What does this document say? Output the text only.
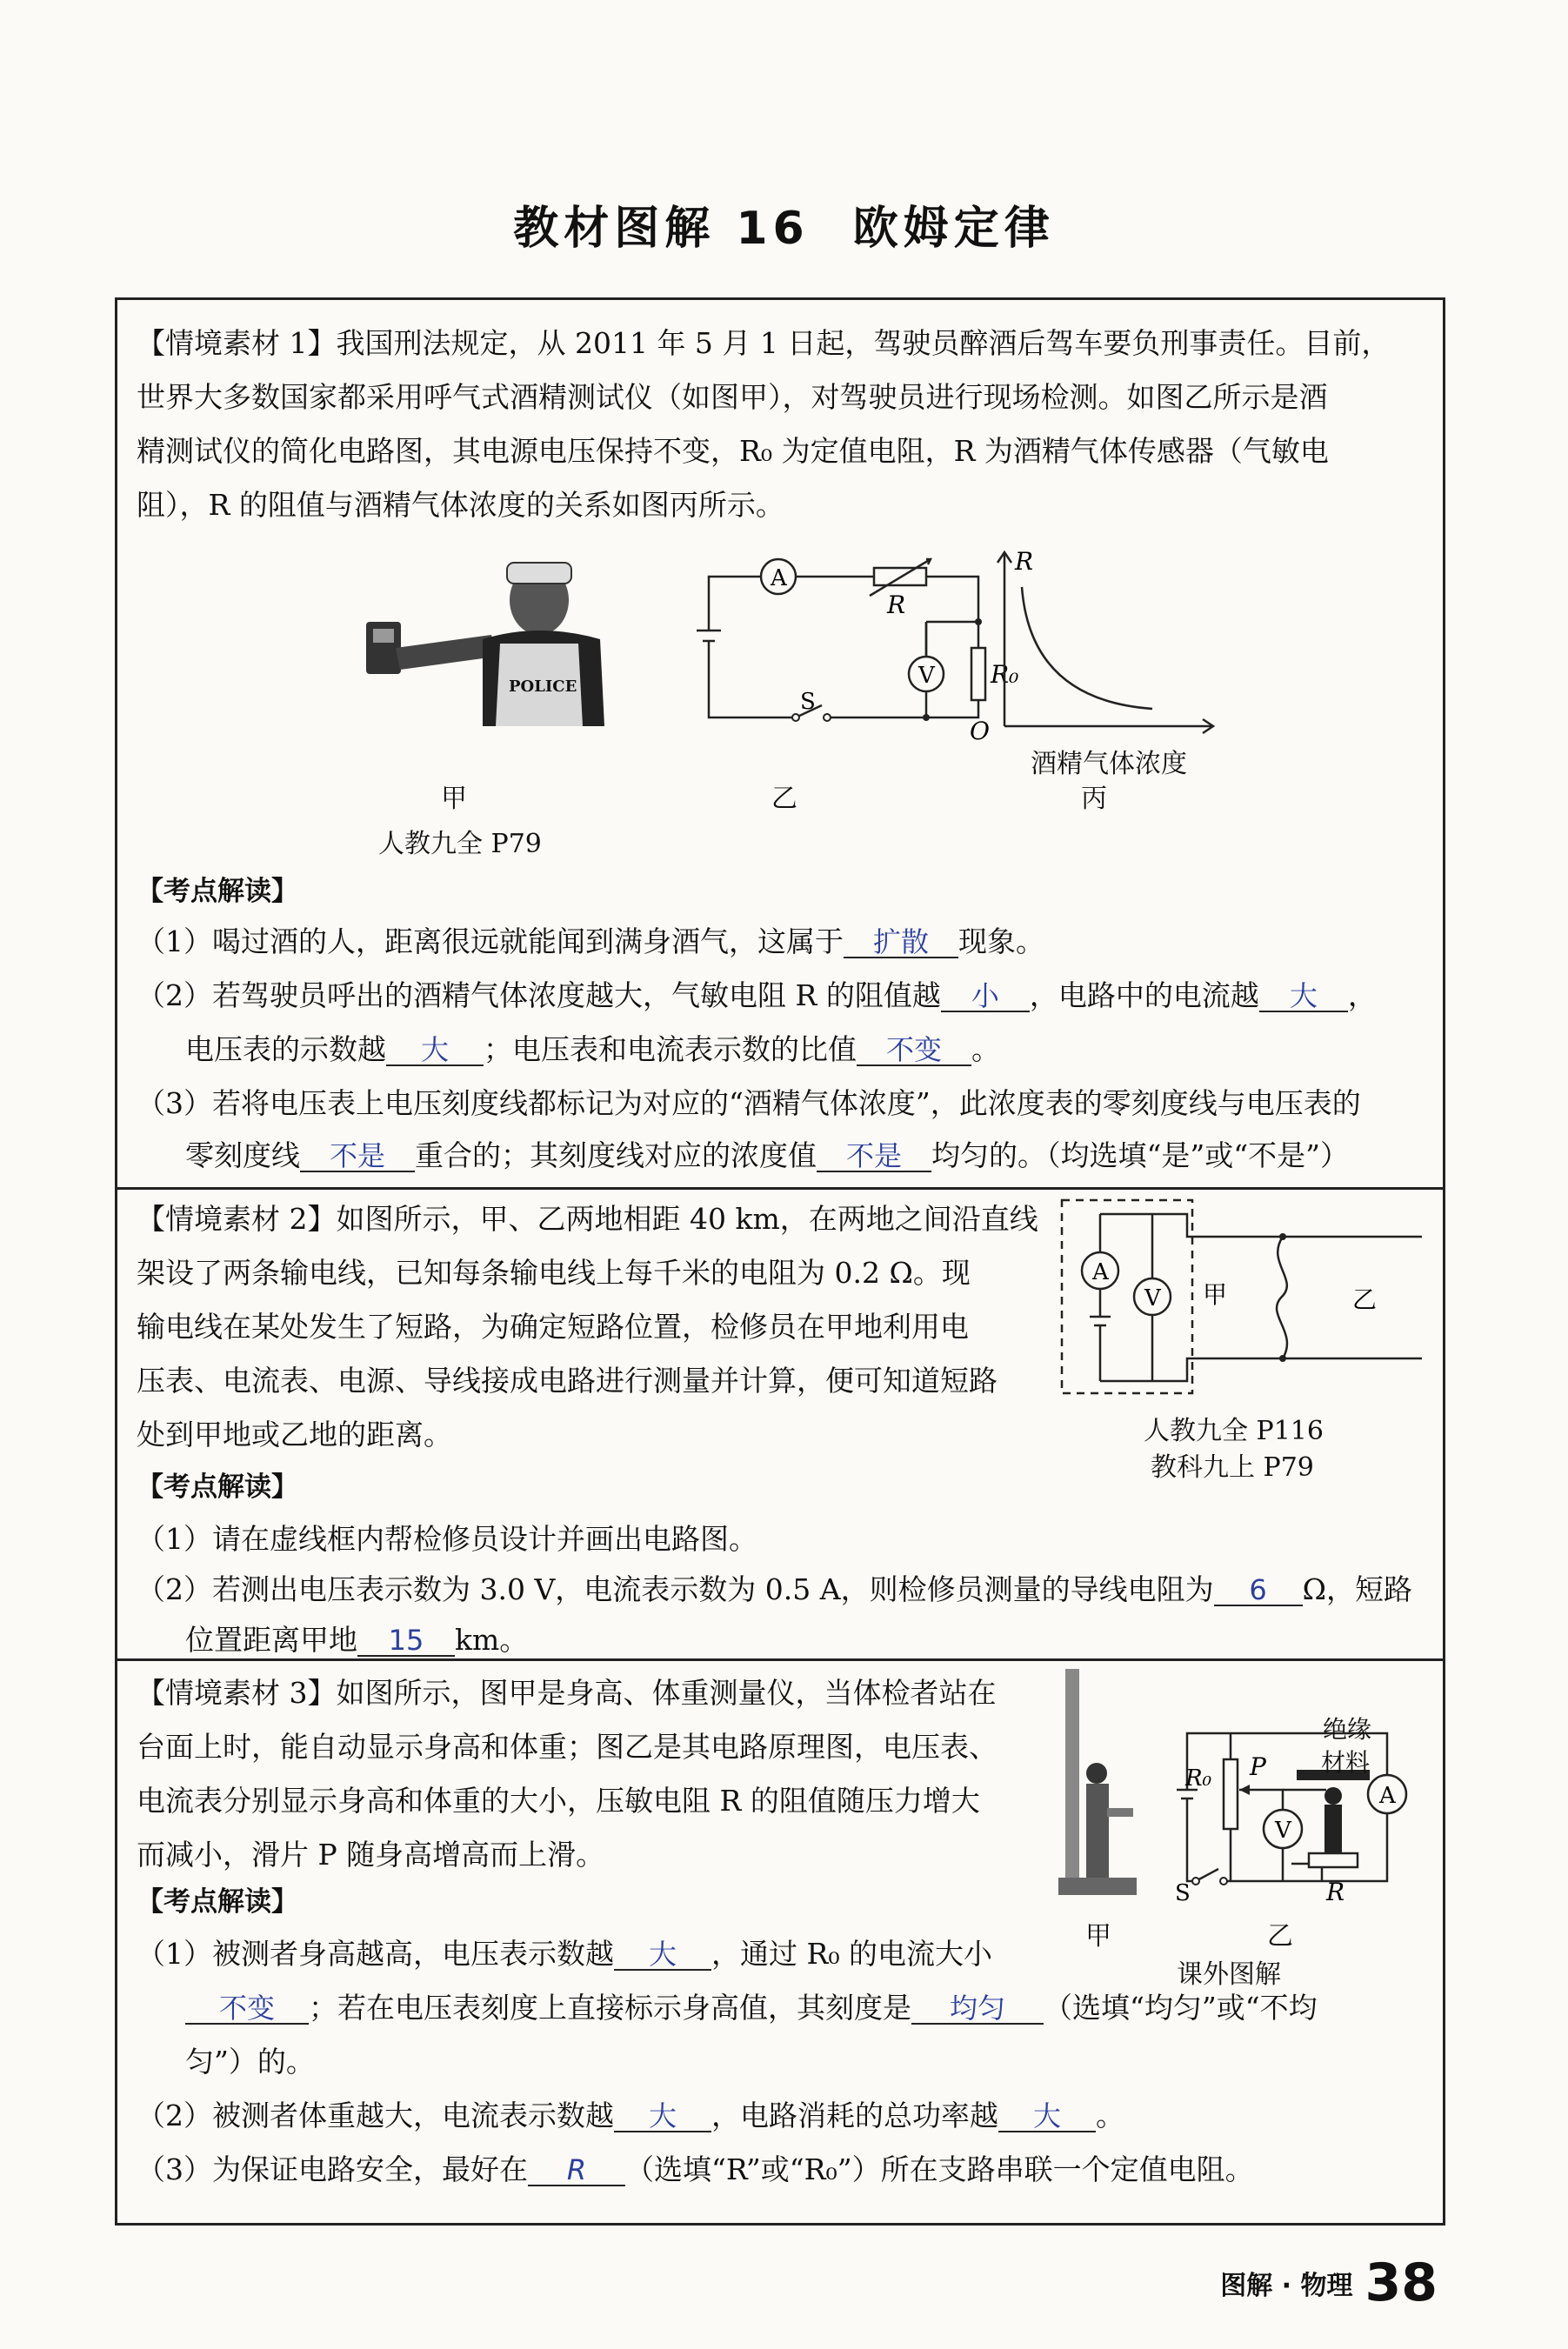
教材图解 16 欧姆定律
【情境素材 1】我国刑法规定，从 2011 年 5 月 1 日起，驾驶员醉酒后驾车要负刑事责任。目前，
世界大多数国家都采用呼气式酒精测试仪（如图甲），对驾驶员进行现场检测。如图乙所示是酒
精测试仪的简化电路图，其电源电压保持不变，R₀ 为定值电阻，R 为酒精气体传感器（气敏电
阻），R 的阻值与酒精气体浓度的关系如图丙所示。
POLICE
A
V
R
R₀
S
R
O
酒精气体浓度
甲	乙	丙
人教九全 P79
【考点解读】
（1）喝过酒的人，距离很远就能闻到满身酒气，这属于 扩散 现象。
（2）若驾驶员呼出的酒精气体浓度越大，气敏电阻 R 的阻值越 小 ，电路中的电流越 大 ，
电压表的示数越 大 ；电压表和电流表示数的比值 不变 。
（3）若将电压表上电压刻度线都标记为对应的“酒精气体浓度”，此浓度表的零刻度线与电压表的
零刻度线 不是 重合的；其刻度线对应的浓度值 不是 均匀的。（均选填“是”或“不是”）
【情境素材 2】如图所示，甲、乙两地相距 40 km，在两地之间沿直线
架设了两条输电线，已知每条输电线上每千米的电阻为 0.2 Ω。现
输电线在某处发生了短路，为确定短路位置，检修员在甲地利用电
压表、电流表、电源、导线接成电路进行测量并计算，便可知道短路
处到甲地或乙地的距离。
A
V 甲	乙
人教九全 P116
教科九上 P79
【考点解读】
（1）请在虚线框内帮检修员设计并画出电路图。
（2）若测出电压表示数为 3.0 V，电流表示数为 0.5 A，则检修员测量的导线电阻为 6 Ω，短路
位置距离甲地 15 km。
【情境素材 3】如图所示，图甲是身高、体重测量仪，当体检者站在
台面上时，能自动显示身高和体重；图乙是其电路原理图，电压表、
电流表分别显示身高和体重的大小，压敏电阻 R 的阻值随压力增大
而减小，滑片 P 随身高增高而上滑。
V
A
P
R₀
R
S
绝缘
材料
甲	乙
课外图解
【考点解读】
（1）被测者身高越高，电压表示数越 大 ，通过 R₀ 的电流大小
不变 ；若在电压表刻度上直接标示身高值，其刻度是 均匀 （选填“均匀”或“不均
匀”）的。
（2）被测者体重越大，电流表示数越 大 ，电路消耗的总功率越 大 。
（3）为保证电路安全，最好在 R （选填“R”或“R₀”）所在支路串联一个定值电阻。
图解 · 物理 38
